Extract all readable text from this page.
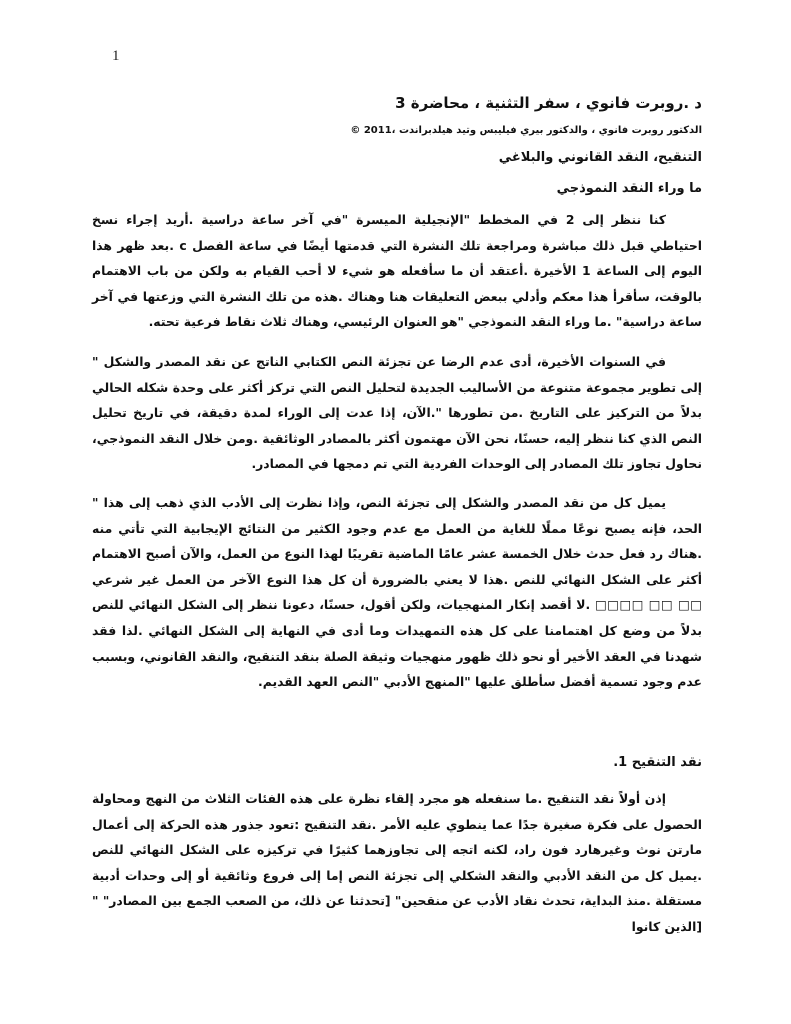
1
د .روبرت فانوي ، سفر التثنية ، محاضرة 3
الدكتور روبرت فانوي ، والدكتور بيري فيليبس وتيد هيلدبراندت ،2011 ©
التنقيح، النقد القانوني والبلاغي
ما وراء النقد النموذجي
كنا ننظر إلى 2 في المخطط "الإنجيلية الميسرة "في آخر ساعة دراسية .أريد إجراء نسخ احتياطي قبل ذلك مباشرة ومراجعة تلك النشرة التي قدمتها أيضًا في ساعة الفصل c .بعد ظهر هذا اليوم إلى الساعة 1 الأخيرة .أعتقد أن ما سأفعله هو شيء لا أحب القيام به ولكن من باب الاهتمام بالوقت، سأقرأ هذا معكم وأدلي ببعض التعليقات هنا وهناك .هذه من تلك النشرة التي وزعتها في آخر ساعة دراسية" .ما وراء النقد النموذجي "هو العنوان الرئيسي، وهناك ثلاث نقاط فرعية تحته.
في السنوات الأخيرة، أدى عدم الرضا عن تجزئة النص الكتابي الناتج عن نقد المصدر والشكل " إلى تطوير مجموعة متنوعة من الأساليب الجديدة لتحليل النص التي تركز أكثر على وحدة شكله الحالي بدلاً من التركيز على التاريخ .من تطورها ".الآن، إذا عدت إلى الوراء لمدة دقيقة، في تاريخ تحليل النص الذي كنا ننظر إليه، حسنًا، نحن الآن مهتمون أكثر بالمصادر الوثائقية .ومن خلال النقد النموذجي، نحاول تجاوز تلك المصادر إلى الوحدات الفردية التي تم دمجها في المصادر.
يميل كل من نقد المصدر والشكل إلى تجزئة النص، وإذا نظرت إلى الأدب الذي ذهب إلى هذا " الحد، فإنه يصبح نوعًا مملًا للغاية من العمل مع عدم وجود الكثير من النتائج الإيجابية التي تأتي منه .هناك رد فعل حدث خلال الخمسة عشر عامًا الماضية تقريبًا لهذا النوع من العمل، والآن أصبح الاهتمام أكثر على الشكل النهائي للنص .هذا لا يعني بالضرورة أن كل هذا النوع الآخر من العمل غير شرعي □□ □□ □□□□ .لا أقصد إنكار المنهجيات، ولكن أقول، حسنًا، دعونا ننظر إلى الشكل النهائي للنص بدلاً من وضع كل اهتمامنا على كل هذه التمهيدات وما أدى في النهاية إلى الشكل النهائي .لذا فقد شهدنا في العقد الأخير أو نحو ذلك ظهور منهجيات وثيقة الصلة بنقد التنقيح، والنقد القانوني، وبسبب عدم وجود تسمية أفضل سأطلق عليها "المنهج الأدبي "النص العهد القديم.
نقد التنقيح 1.
إذن أولاً نقد التنقيح .ما سنفعله هو مجرد إلقاء نظرة على هذه الفئات الثلاث من النهج ومحاولة الحصول على فكرة صغيرة جدًا عما ينطوي عليه الأمر .نقد التنقيح :تعود جذور هذه الحركة إلى أعمال مارتن نوث وغيرهارد فون راد، لكنه اتجه إلى تجاوزهما كثيرًا في تركيزه على الشكل النهائي للنص .يميل كل من النقد الأدبي والنقد الشكلي إلى تجزئة النص إما إلى فروع وثائقية أو إلى وحدات أدبية مستقلة .منذ البداية، تحدث نقاد الأدب عن منقحين" [تحدثنا عن ذلك، من الصعب الجمع بين المصادر" "[الذين كانوا
